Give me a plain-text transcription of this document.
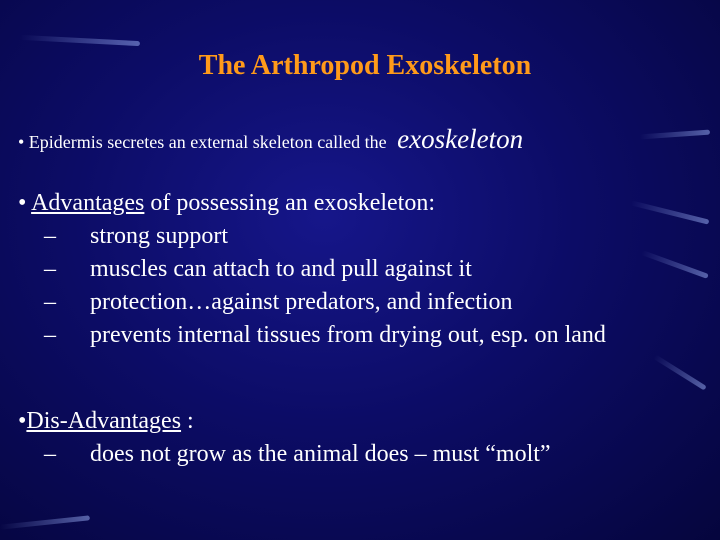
The Arthropod Exoskeleton
• Epidermis secretes an external skeleton called the exoskeleton
• Advantages of possessing an exoskeleton:
– strong support
– muscles can attach to and pull against it
– protection…against predators, and infection
– prevents internal tissues from drying out, esp. on land
•Dis-Advantages :
– does not grow as the animal does – must “molt”
